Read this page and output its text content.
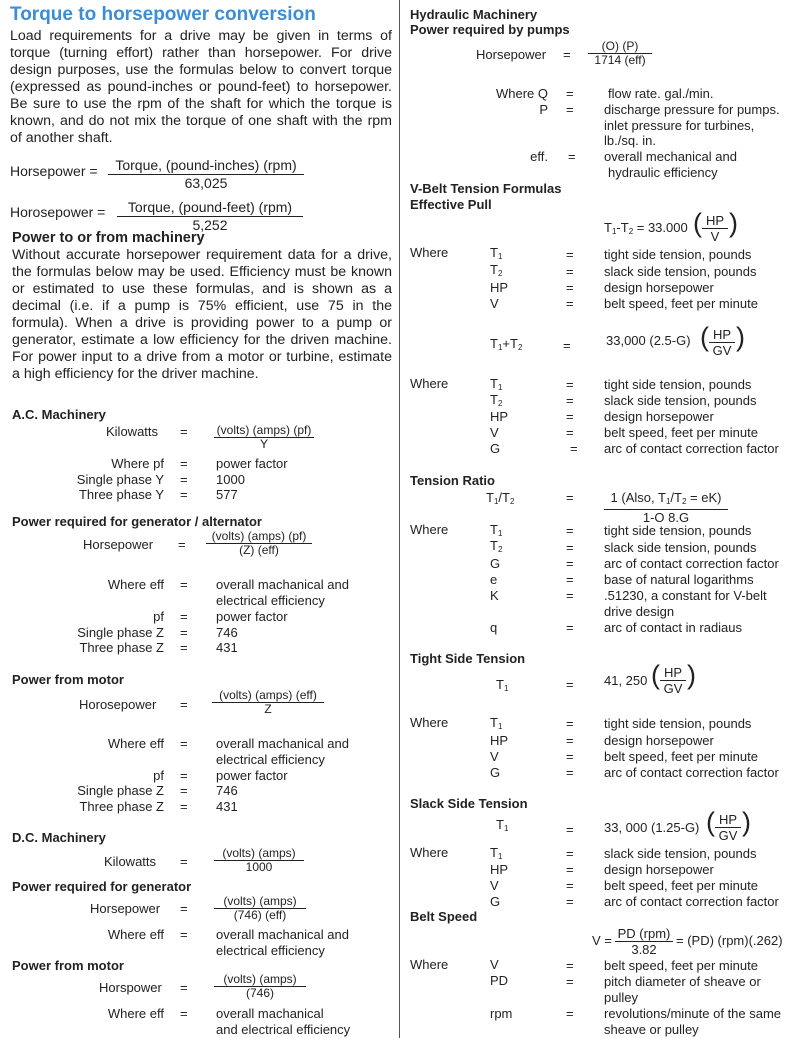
Torque to horsepower conversion
Load requirements for a drive may be given in terms of torque (turning effort) rather than horsepower. For drive design purposes, use the formulas below to convert torque (expressed as pound-inches or pound-feet) to horsepower. Be sure to use the rpm of the shaft for which the torque is known, and do not mix the torque of one shaft with the rpm of another shaft.
Horsepower =	Torque, (pound-inches) (rpm)
63,025
Horosepower =	Torque, (pound-feet) (rpm)
5,252
Power to or from machinery
Without accurate horsepower requirement data for a drive, the formulas below may be used. Efficiency must be known or estimated to use these formulas, and is shown as a decimal (i.e. if a pump is 75% efficient, use 75 in the formula). When a drive is providing power to a pump or generator, estimate a low efficiency for the driven machine. For power input to a drive from a motor or turbine, estimate a high efficiency for the driver machine.
A.C. Machinery
Kilowatts = (volts) (amps) (pf)
Y
Where pf = power factor
Single phase Y = 1000
Three phase Y = 577
Power required for generator / alternator
Horsepower =
(volts) (amps) (pf)
(Z) (eff)
Where eff = overall machanical and
electrical efficiency
pf = power factor
Single phase Z = 746
Three phase Z = 431
Power from motor
Horosepower =
(volts) (amps) (eff)
Z
Where eff = overall machanical and
electrical efficiency
pf = power factor
Single phase Z = 746
Three phase Z = 431
D.C. Machinery
Kilowatts =
(volts) (amps)
1000
Power required for generator
Horsepower =	(volts) (amps)
(746) (eff)
Where eff = overall machanical and
electrical efficiency
Power from motor
Horspower =
(volts) (amps)
(746)
Where eff = overall machanical
and electrical efficiency
Hydraulic Machinery
Power required by pumps
Horsepower =
(O) (P)
1714 (eff)
Where Q =	flow rate. gal./min.
P = discharge pressure for pumps.
inlet pressure for turbines,
lb./sq. in.
eff. = overall mechanical and
hydraulic efficiency
V-Belt Tension Formulas
Effective Pull
$T_1-T_2 = 33.000$ ( $\frac{HP}{V}$ )
Where	$T_1$	= tight side tension, pounds
$T_2$	= slack side tension, pounds
HP	= design horsepower
V	= belt speed, feet per minute
$T_1+T_2$	=	33,000 (2.5-G) ( $\frac{HP}{GV}$ )
Where	$T_1$	= tight side tension, pounds
$T_2$	= slack side tension, pounds
HP	= design horsepower
V	= belt speed, feet per minute
G	= arc of contact correction factor
Tension Ratio
$T_1/T_2$	=	1 (Also, $T_1/T_2 = eK$)
1-O 8.G
Where	$T_1$	= tight side tension, pounds
$T_2$	= slack side tension, pounds
G	= arc of contact correction factor
e	= base of natural logarithms
K	= .51230, a constant for V-belt
drive design
q	= arc of contact in radiaus
Tight Side Tension
$T_1$	= 41, 250 ( $\frac{HP}{GV}$ )
Where	$T_1$	= tight side tension, pounds
HP	= design horsepower
V	= belt speed, feet per minute
G	= arc of contact correction factor
Slack Side Tension
$T_1$	= 33, 000 (1.25-G) ( $\frac{HP}{GV}$ )
Where	$T_1$	= slack side tension, pounds
HP	= design horsepower
V	= belt speed, feet per minute
G	= arc of contact correction factor
Belt Speed
V = PD (rpm)
3.82
= (PD) (rpm)(.262)
Where	V	= belt speed, feet per minute
PD	= pitch diameter of sheave or
pulley
rpm	= revolutions/minute of the same
sheave or pulley
